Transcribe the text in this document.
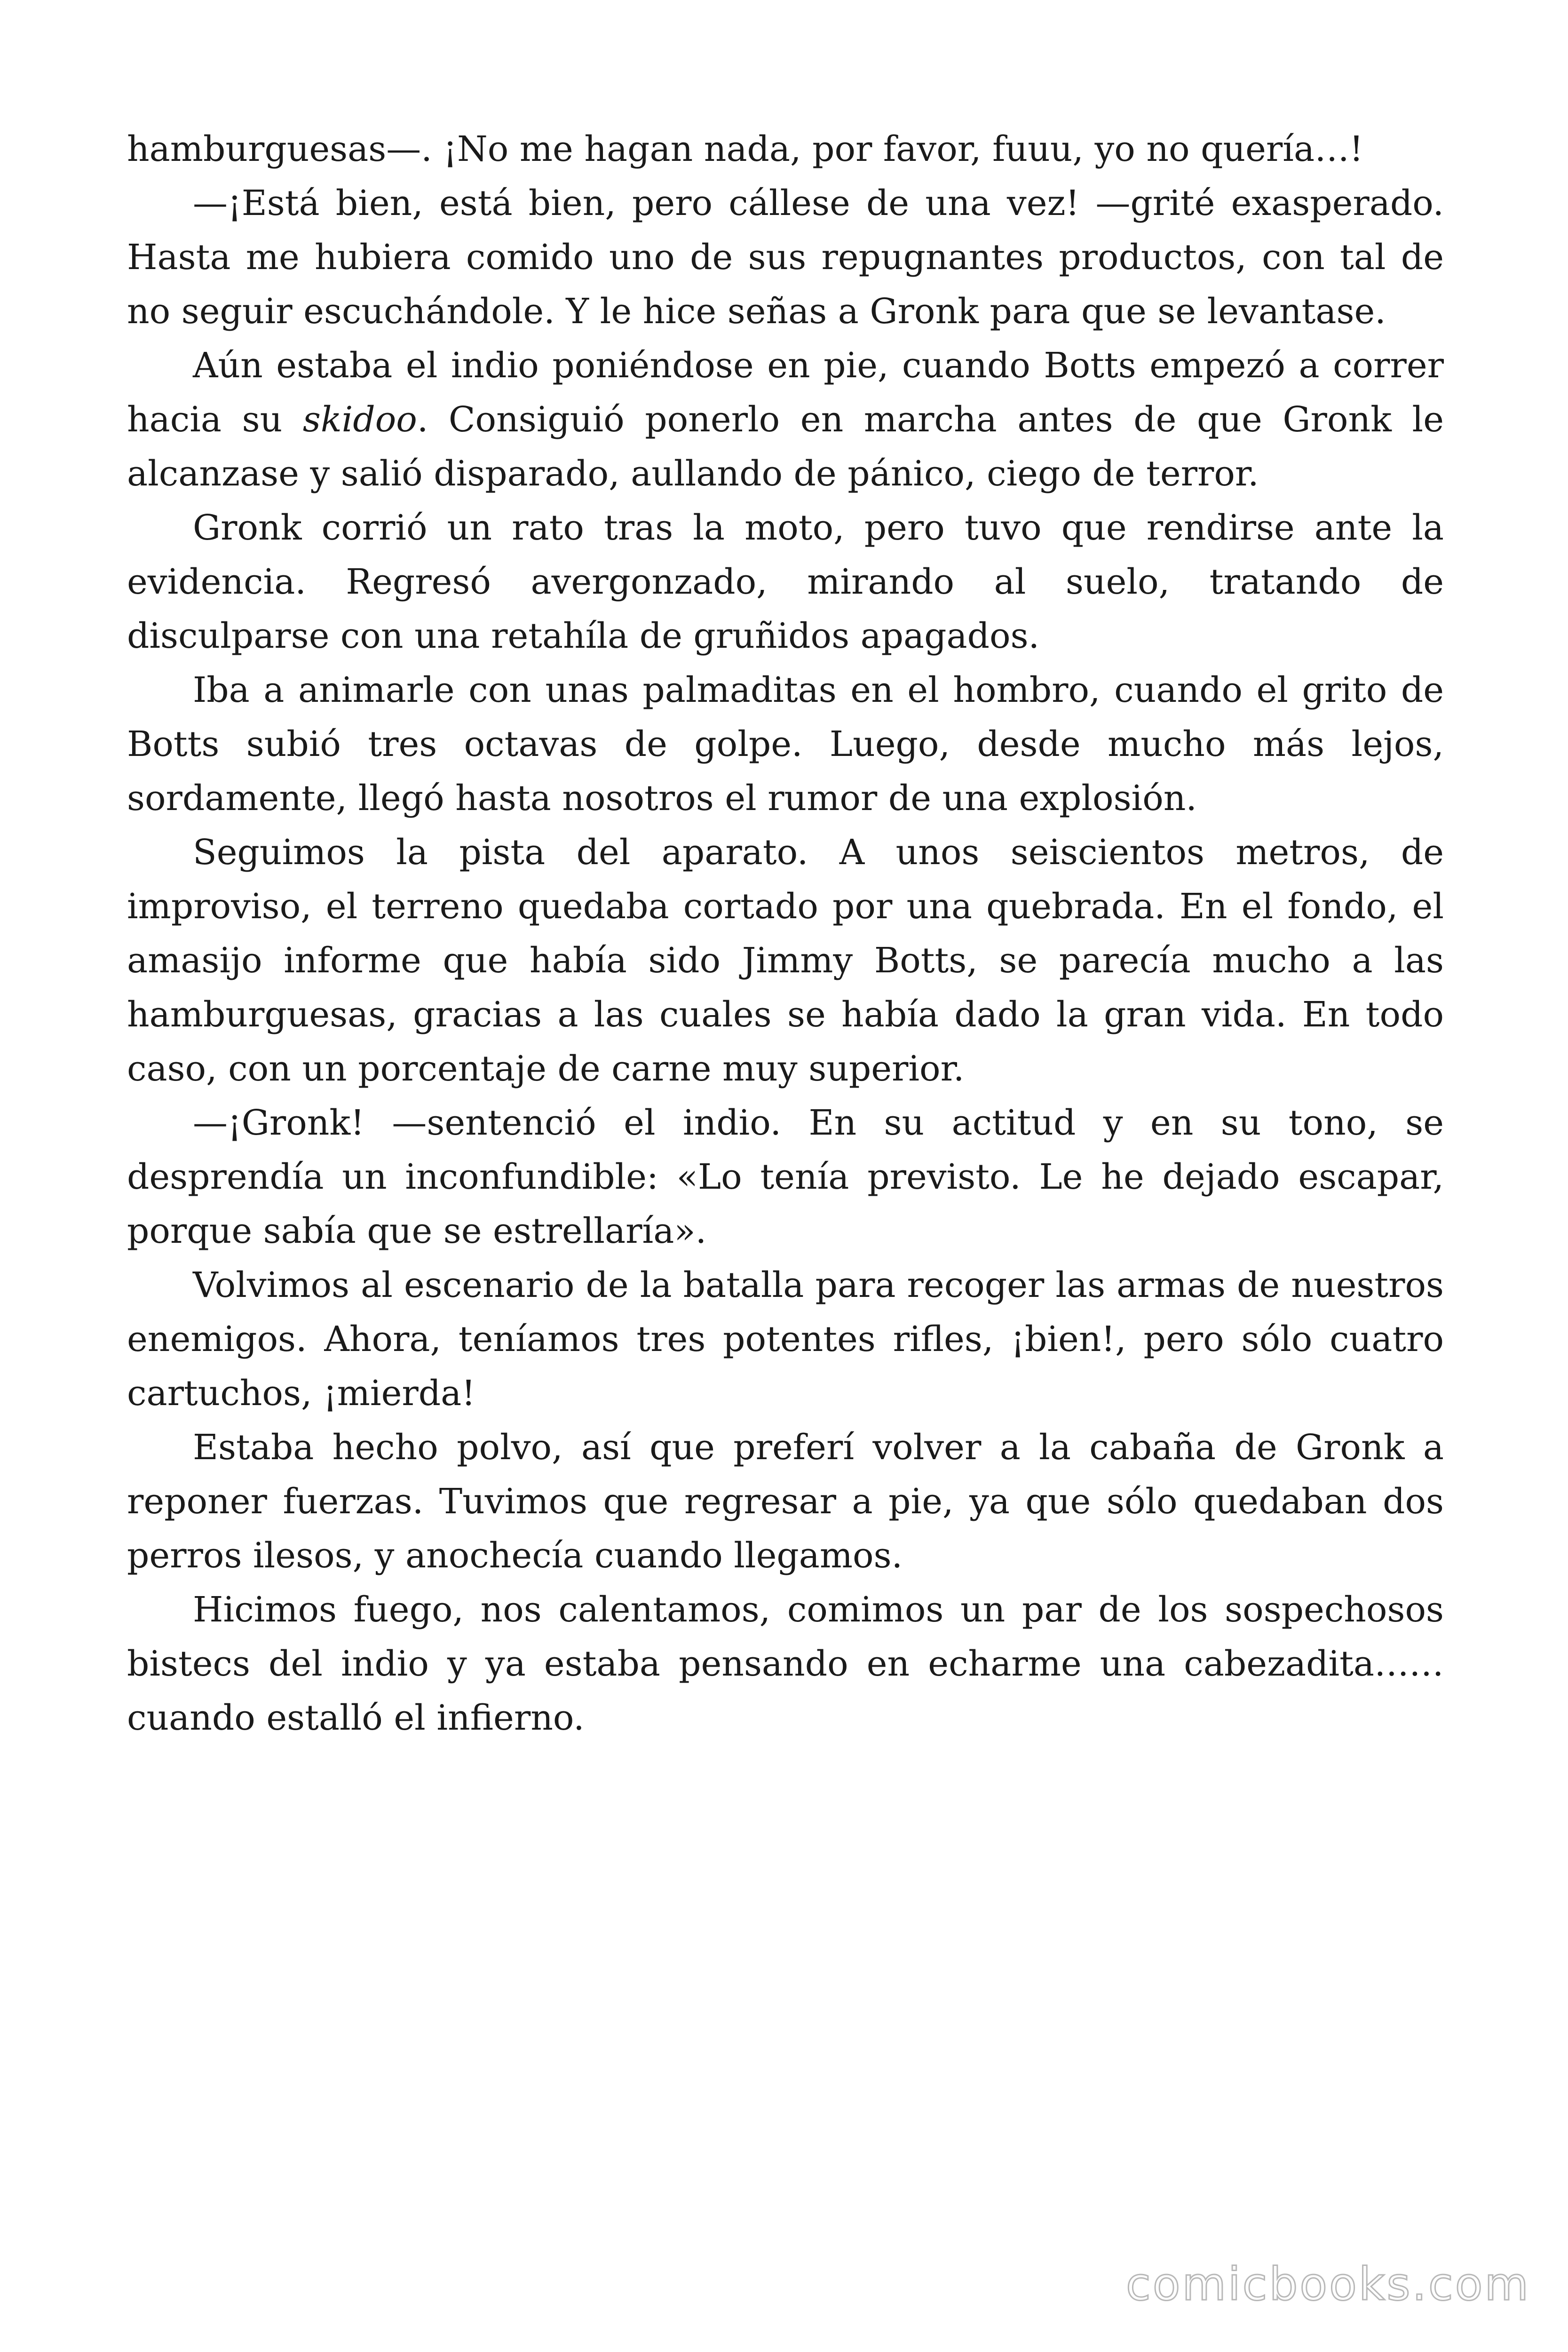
hamburguesas—. ¡No me hagan nada, por favor, fuuu, yo no quería…!

—¡Está bien, está bien, pero cállese de una vez! —grité exasperado. Hasta me hubiera comido uno de sus repugnantes productos, con tal de no seguir escuchándole. Y le hice señas a Gronk para que se levantase.

Aún estaba el indio poniéndose en pie, cuando Botts empezó a correr hacia su skidoo. Consiguió ponerlo en marcha antes de que Gronk le alcanzase y salió disparado, aullando de pánico, ciego de terror.

Gronk corrió un rato tras la moto, pero tuvo que rendirse ante la evidencia. Regresó avergonzado, mirando al suelo, tratando de disculparse con una retahíla de gruñidos apagados.

Iba a animarle con unas palmaditas en el hombro, cuando el grito de Botts subió tres octavas de golpe. Luego, desde mucho más lejos, sordamente, llegó hasta nosotros el rumor de una explosión.

Seguimos la pista del aparato. A unos seiscientos metros, de improviso, el terreno quedaba cortado por una quebrada. En el fondo, el amasijo informe que había sido Jimmy Botts, se parecía mucho a las hamburguesas, gracias a las cuales se había dado la gran vida. En todo caso, con un porcentaje de carne muy superior.

—¡Gronk! —sentenció el indio. En su actitud y en su tono, se desprendía un inconfundible: «Lo tenía previsto. Le he dejado escapar, porque sabía que se estrellaría».

Volvimos al escenario de la batalla para recoger las armas de nuestros enemigos. Ahora, teníamos tres potentes rifles, ¡bien!, pero sólo cuatro cartuchos, ¡mierda!

Estaba hecho polvo, así que preferí volver a la cabaña de Gronk a reponer fuerzas. Tuvimos que regresar a pie, ya que sólo quedaban dos perros ilesos, y anochecía cuando llegamos.

Hicimos fuego, nos calentamos, comimos un par de los sospechosos bistecs del indio y ya estaba pensando en echarme una cabezadita……cuando estalló el infierno.

comicbooks.com
